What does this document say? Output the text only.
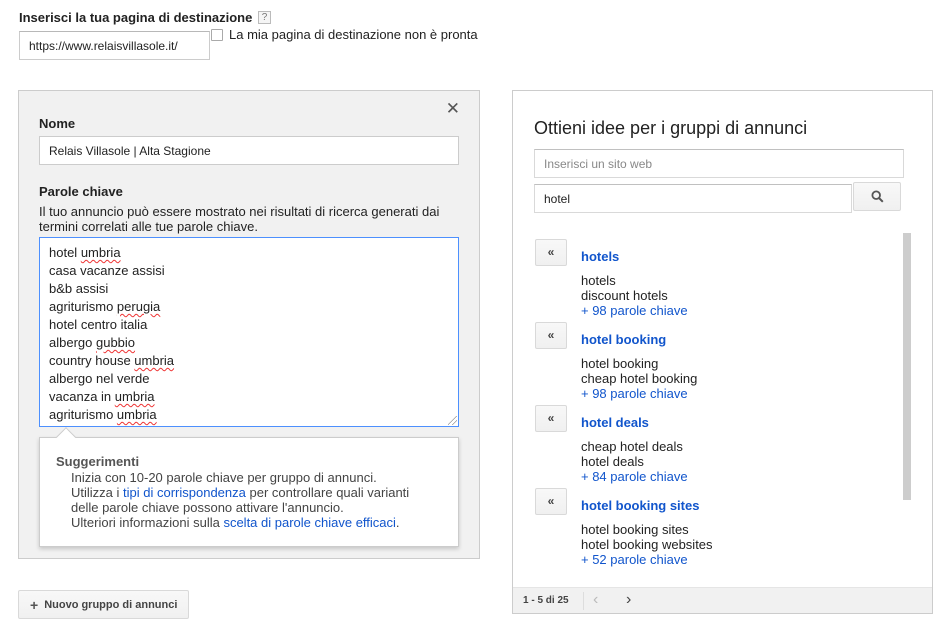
Inserisci la tua pagina di destinazione ?
https://www.relaisvillasole.it/
La mia pagina di destinazione non è pronta
✕
Nome
Relais Villasole | Alta Stagione
Parole chiave
Il tuo annuncio può essere mostrato nei risultati di ricerca generati dai termini correlati alle tue parole chiave.
hotel umbria
casa vacanze assisi
b&b assisi
agriturismo perugia
hotel centro italia
albergo gubbio
country house umbria
albergo nel verde
vacanza in umbria
agriturismo umbria
Suggerimenti
Inizia con 10-20 parole chiave per gruppo di annunci.
Utilizza i tipi di corrispondenza per controllare quali varianti
delle parole chiave possono attivare l'annuncio.
Ulteriori informazioni sulla scelta di parole chiave efficaci.
+ Nuovo gruppo di annunci
Ottieni idee per i gruppi di annunci
Inserisci un sito web
hotel
«	hotels
hotels
discount hotels
+ 98 parole chiave
«	hotel booking
hotel booking
cheap hotel booking
+ 98 parole chiave
«	hotel deals
cheap hotel deals
hotel deals
+ 84 parole chiave
«	hotel booking sites
hotel booking sites
hotel booking websites
+ 52 parole chiave
1 - 5 di 25 ‹ ›
